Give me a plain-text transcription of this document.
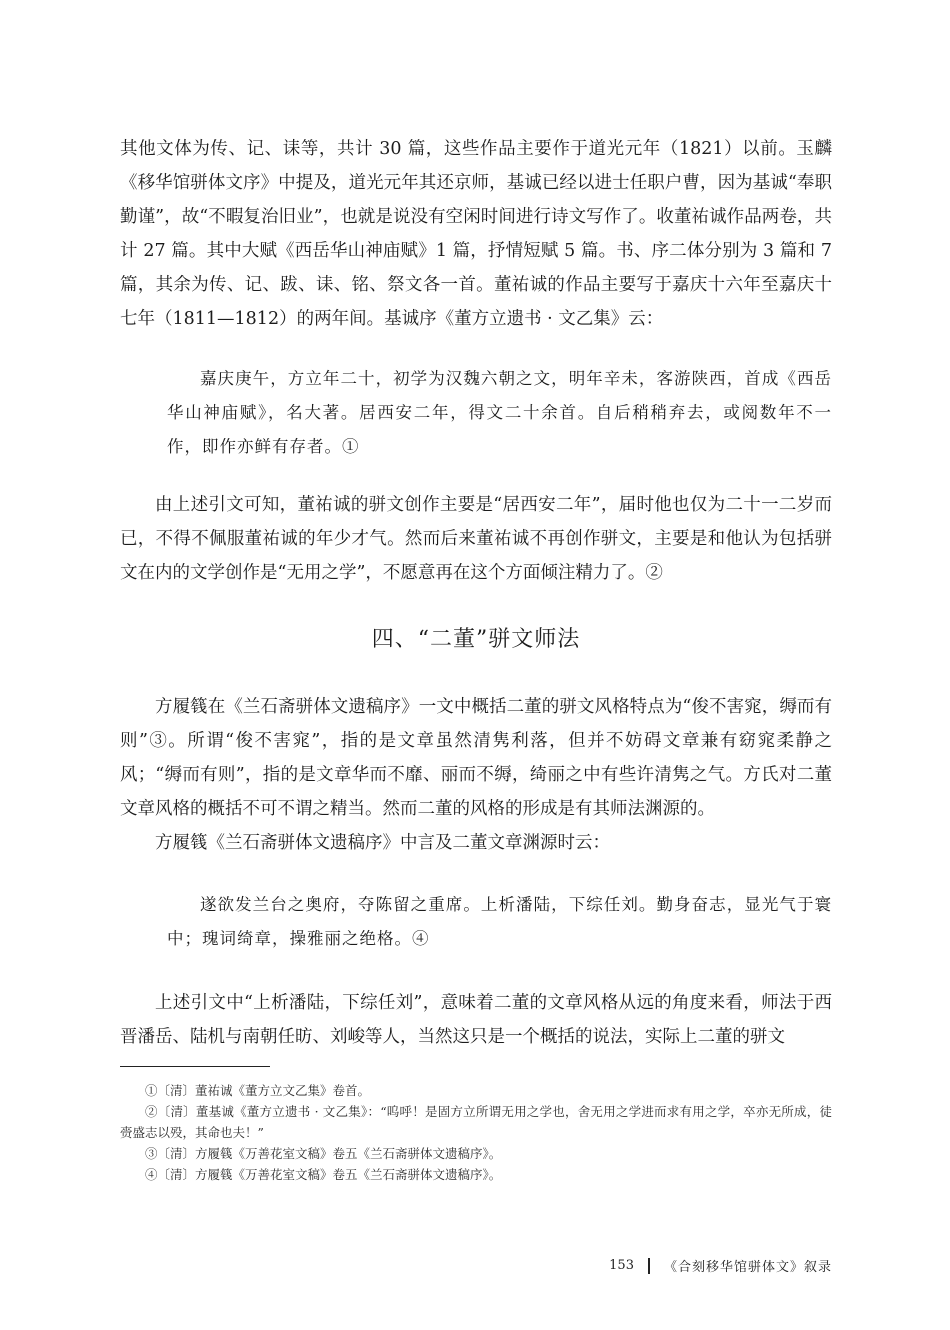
其他文体为传、记、诔等，共计 30 篇，这些作品主要作于道光元年（1821）以前。玉麟《移华馆骈体文序》中提及，道光元年其还京师，基诚已经以进士任职户曹，因为基诚“奉职勤谨”，故“不暇复治旧业”，也就是说没有空闲时间进行诗文写作了。收董祐诚作品两卷，共计 27 篇。其中大赋《西岳华山神庙赋》1 篇，抒情短赋 5 篇。书、序二体分别为 3 篇和 7 篇，其余为传、记、跋、诔、铭、祭文各一首。董祐诚的作品主要写于嘉庆十六年至嘉庆十七年（1811—1812）的两年间。基诚序《董方立遗书 · 文乙集》云：

嘉庆庚午，方立年二十，初学为汉魏六朝之文，明年辛未，客游陕西，首成《西岳华山神庙赋》，名大著。居西安二年，得文二十余首。自后稍稍弃去，或阅数年不一作，即作亦鲜有存者。①

由上述引文可知，董祐诚的骈文创作主要是“居西安二年”，届时他也仅为二十一二岁而已，不得不佩服董祐诚的年少才气。然而后来董祐诚不再创作骈文，主要是和他认为包括骈文在内的文学创作是“无用之学”，不愿意再在这个方面倾注精力了。②

四、“二董”骈文师法

方履篯在《兰石斋骈体文遗稿序》一文中概括二董的骈文风格特点为“俊不害窕，缛而有则”③。所谓“俊不害窕”，指的是文章虽然清隽利落，但并不妨碍文章兼有窈窕柔静之风；“缛而有则”，指的是文章华而不靡、丽而不缛，绮丽之中有些许清隽之气。方氏对二董文章风格的概括不可不谓之精当。然而二董的风格的形成是有其师法渊源的。

方履篯《兰石斋骈体文遗稿序》中言及二董文章渊源时云：

遂欲发兰台之奥府，夺陈留之重席。上析潘陆，下综任刘。勤身奋志，显光气于寰中；瑰词绮章，操雅丽之绝格。④

上述引文中“上析潘陆，下综任刘”，意味着二董的文章风格从远的角度来看，师法于西晋潘岳、陆机与南朝任昉、刘峻等人，当然这只是一个概括的说法，实际上二董的骈文

①〔清〕董祐诚《董方立文乙集》卷首。

②〔清〕董基诚《董方立遗书 · 文乙集》：“呜呼！是固方立所谓无用之学也，舍无用之学进而求有用之学，卒亦无所成，徒赍盛志以殁，其命也夫！”

③〔清〕方履篯《万善花室文稿》卷五《兰石斋骈体文遗稿序》。

④〔清〕方履篯《万善花室文稿》卷五《兰石斋骈体文遗稿序》。

153 《合刻移华馆骈体文》叙录
